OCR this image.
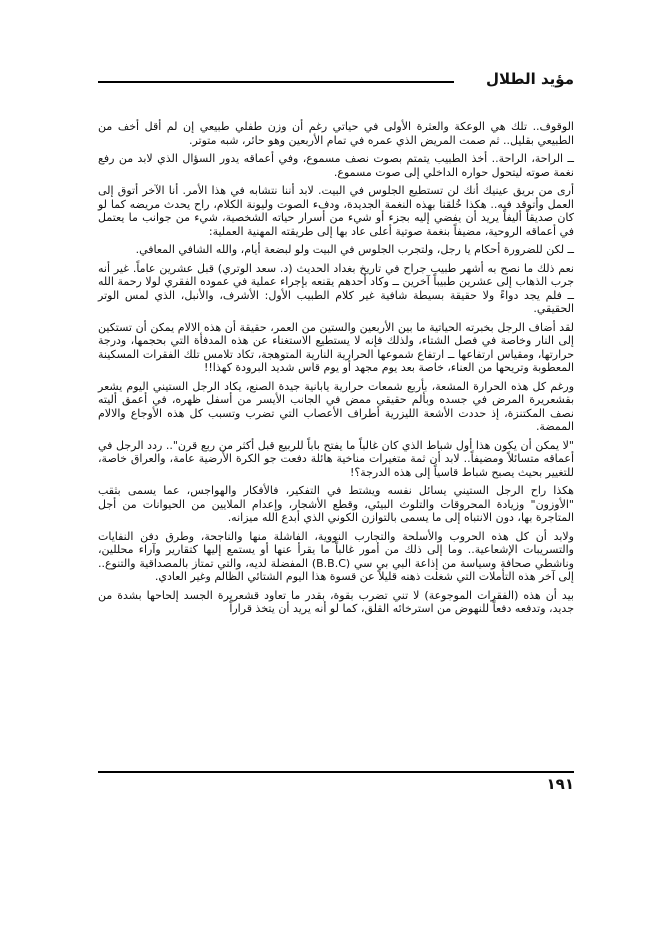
مؤيد الطلال

الوقوف.. تلك هي الوعكة والعثرة الأولى في حياتي رغم أن وزن طفلي طبيعي إن لم أقل أخف من الطبيعي بقليل.. ثم صمت المريض الذي عمره في تمام الأربعين وهو حائر، شبه متوتر.

ــ الراحة، الراحة.. أخذ الطبيب يتمتم بصوت نصف مسموع، وفي أعماقه يدور السؤال الذي لابد من رفع نغمة صوته ليتحول حواره الداخلي إلى صوت مسموع.

أرى من بريق عينيك أنك لن تستطيع الجلوس في البيت. لابد أننا نتشابه في هذا الأمر. أنا الآخر أتوق إلى العمل وأتوقد فيه.. هكذا خُلقنا بهذه النغمة الجديدة، ودفء الصوت وليونة الكلام، راح يحدث مريضه كما لو كان صديقاً أليفاً يريد أن يفضي إليه بجزء أو شيء من أسرار حياته الشخصية، شيء من جوانب ما يعتمل في أعماقه الروحية، مضيفاً بنغمة صوتية أعلى عاد بها إلى طريقته المهنية العملية:

ــ لكن للضرورة أحكام يا رجل، ولتجرب الجلوس في البيت ولو لبضعة أيام، والله الشافي المعافي.

نعم ذلك ما نصح به أشهر طبيب جراح في تاريخ بغداد الحديث (د. سعد الوتري) قبل عشرين عاماً. غير أنه جرب الذهاب إلى عشرين طبيباً آخرين ــ وكاد أحدهم يقنعه بإجراء عملية في عموده الفقري لولا رحمة الله ــ فلم يجد دواءً ولا حقيقة بسيطة شافية غير كلام الطبيب الأول: الأشرف، والأنبل، الذي لمس الوتر الحقيقي.

لقد أضاف الرجل بخبرته الحياتية ما بين الأربعين والستين من العمر، حقيقة أن هذه الالام يمكن أن تستكين إلى النار وخاصة في فصل الشتاء، ولذلك فإنه لا يستطيع الاستغناء عن هذه المدفأة التي بحجمها، ودرجة حرارتها، ومقياس ارتفاعها ــ ارتفاع شموعها الحرارية النارية المتوهجة، تكاد تلامس تلك الفقرات المسكينة المعطوبة وتريحها من العناء، خاصة بعد يوم مجهد أو يوم قاس شديد البرودة كهذا!!

ورغم كل هذه الحرارة المشعة، بأربع شمعات حرارية يابانية جيدة الصنع، يكاد الرجل الستيني اليوم يشعر بقشعريرة المرض في جسده وبألم حقيقي ممض في الجانب الأيسر من أسفل ظهره، في أعمق أليته نصف المكتنزة، إذ حددت الأشعة الليزرية أطراف الأعصاب التي تضرب وتسبب كل هذه الأوجاع والالام الممضة.

"لا يمكن أن يكون هذا أول شباط الذي كان غالباً ما يفتح باباً للربيع قبل أكثر من ربع قرن".. ردد الرجل في أعماقه متسائلاً ومضيفاً.. لابد أن ثمة متغيرات مناخية هائلة دفعت جو الكرة الأرضية عامة، والعراق خاصة، للتغيير بحيث يصبح شباط قاسياً إلى هذه الدرجة؟!

هكذا راح الرجل الستيني يسائل نفسه ويشتط في التفكير، فالأفكار والهواجس، عما يسمى بثقب "الأوزون" وزيادة المحروقات والتلوث البيئي، وقطع الأشجار، وإعدام الملايين من الحيوانات من أجل المتاجرة بها، دون الانتباه إلى ما يسمى بالتوازن الكوني الذي أبدع الله ميزانه.

ولابد أن كل هذه الحروب والأسلحة والتجارب النووية، الفاشلة منها والناجحة، وطرق دفن النفايات والتسريبات الإشعاعية.. وما إلى ذلك من أمور غالباً ما يقرأ عنها أو يستمع إليها كتقارير وآراء محللين، وناشطي صحافة وسياسة من إذاعة البي بي سي (B.B.C) المفضلة لديه، والتي تمتاز بالمصداقية والتنوع.. إلى آخر هذه التأملات التي شغلت ذهنه قليلاً عن قسوة هذا اليوم الشتائي الظالم وغير العادي.

بيد أن هذه (الفقرات الموجوعة) لا تني تضرب بقوة، بقدر ما تعاود قشعريرة الجسد إلحاحها بشدة من جديد، وتدفعه دفعاً للنهوض من استرخائه القلق، كما لو أنه يريد أن يتخذ قراراً

١٩١
